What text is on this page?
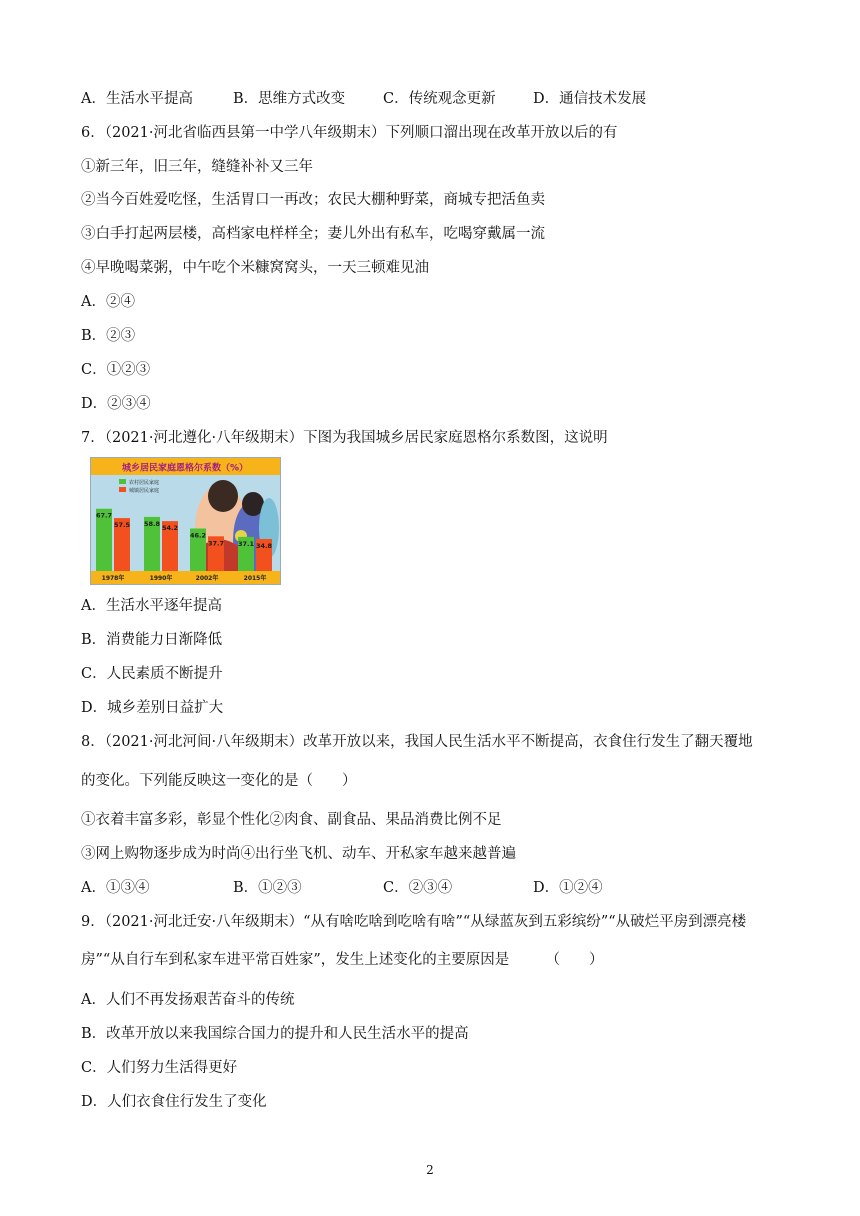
A．生活水平提高	B．思维方式改变	C．传统观念更新	D．通信技术发展
6．（2021·河北省临西县第一中学八年级期末）下列顺口溜出现在改革开放以后的有
①新三年，旧三年，缝缝补补又三年
②当今百姓爱吃怪，生活胃口一再改；农民大棚种野菜，商城专把活鱼卖
③白手打起两层楼，高档家电样样全；妻儿外出有私车，吃喝穿戴属一流
④早晚喝菜粥，中午吃个米糠窝窝头，一天三顿难见油
A．②④
B．②③
C．①②③
D．②③④
7．（2021·河北遵化·八年级期末）下图为我国城乡居民家庭恩格尔系数图，这说明
城乡居民家庭恩格尔系数（%）
农村居民家庭
城镇居民家庭
67.7
57.5 58.8
54.2
46.2
37.7 37.1 34.8
1978年	1990年	2002年	2015年
A．生活水平逐年提高
B．消费能力日渐降低
C．人民素质不断提升
D．城乡差别日益扩大
8．（2021·河北河间·八年级期末）改革开放以来，我国人民生活水平不断提高，衣食住行发生了翻天覆地
的变化。下列能反映这一变化的是（　　）
①衣着丰富多彩，彰显个性化②肉食、副食品、果品消费比例不足
③网上购物逐步成为时尚④出行坐飞机、动车、开私家车越来越普遍
A．①③④	B．①②③	C．②③④	D．①②④
9．（2021·河北迁安·八年级期末）“从有啥吃啥到吃啥有啥”“从绿蓝灰到五彩缤纷”“从破烂平房到漂亮楼
房”“从自行车到私家车进平常百姓家”，发生上述变化的主要原因是　　　（　　）
A．人们不再发扬艰苦奋斗的传统
B．改革开放以来我国综合国力的提升和人民生活水平的提高
C．人们努力生活得更好
D．人们衣食住行发生了变化
2
